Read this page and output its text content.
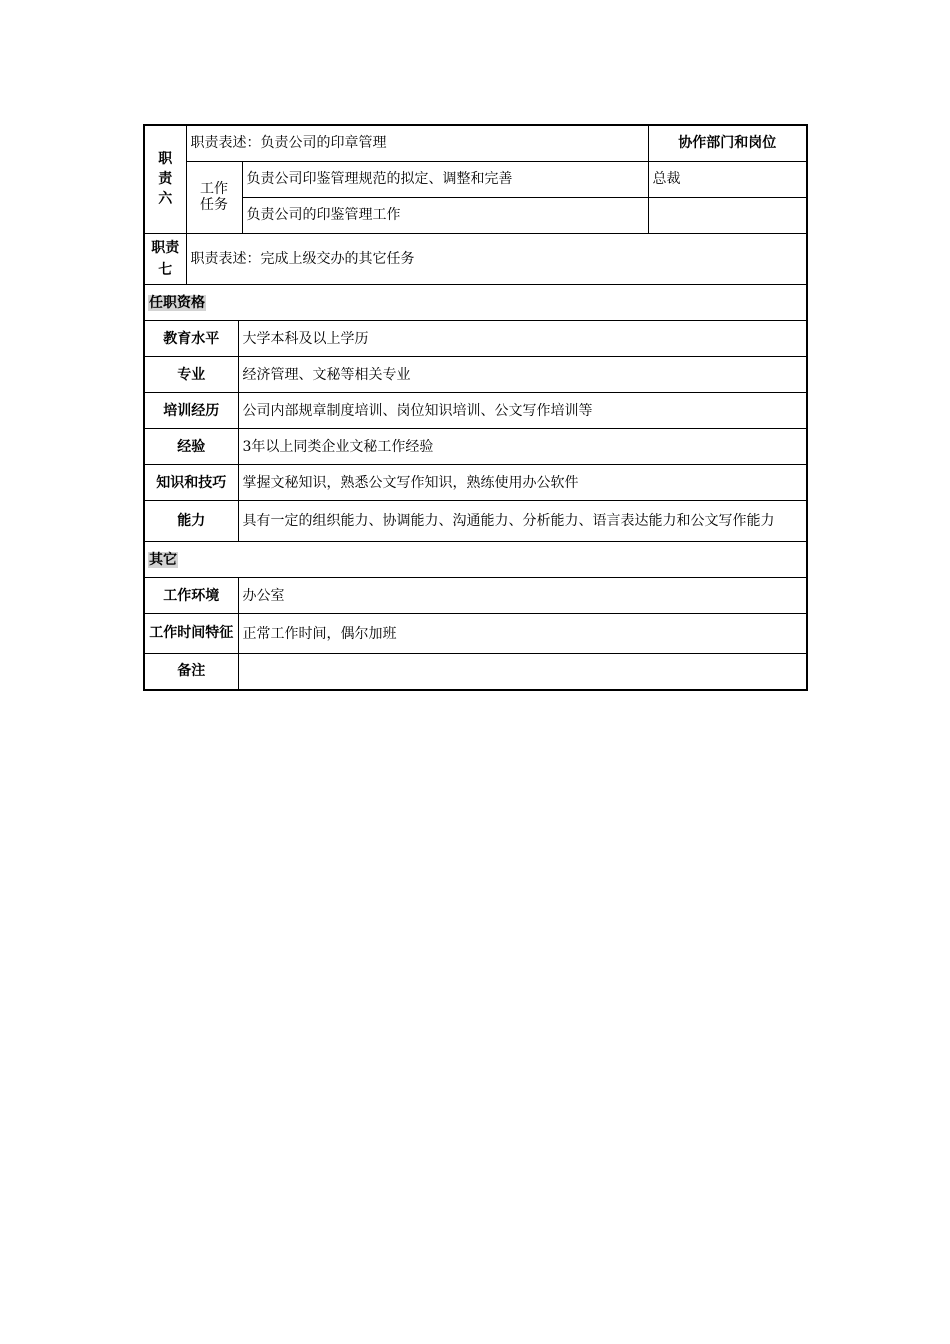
职
责
六	职责表述：负责公司的印章管理		协作部门和岗位

	工作
任务	负责公司印鉴管理规范的拟定、调整和完善	总裁
		负责公司的印鉴管理工作	
职责
七	职责表述：完成上级交办的其它任务	
任职资格		
教育水平		大学本科及以上学历
专业		经济管理、文秘等相关专业
培训经历		公司内部规章制度培训、岗位知识培训、公文写作培训等
经验		3年以上同类企业文秘工作经验
知识和技巧		掌握文秘知识，熟悉公文写作知识，熟练使用办公软件
能力		具有一定的组织能力、协调能力、沟通能力、分析能力、语言表达能力和公文写作能力
其它		
工作环境		办公室
工作时间特征		正常工作时间，偶尔加班
备注		
